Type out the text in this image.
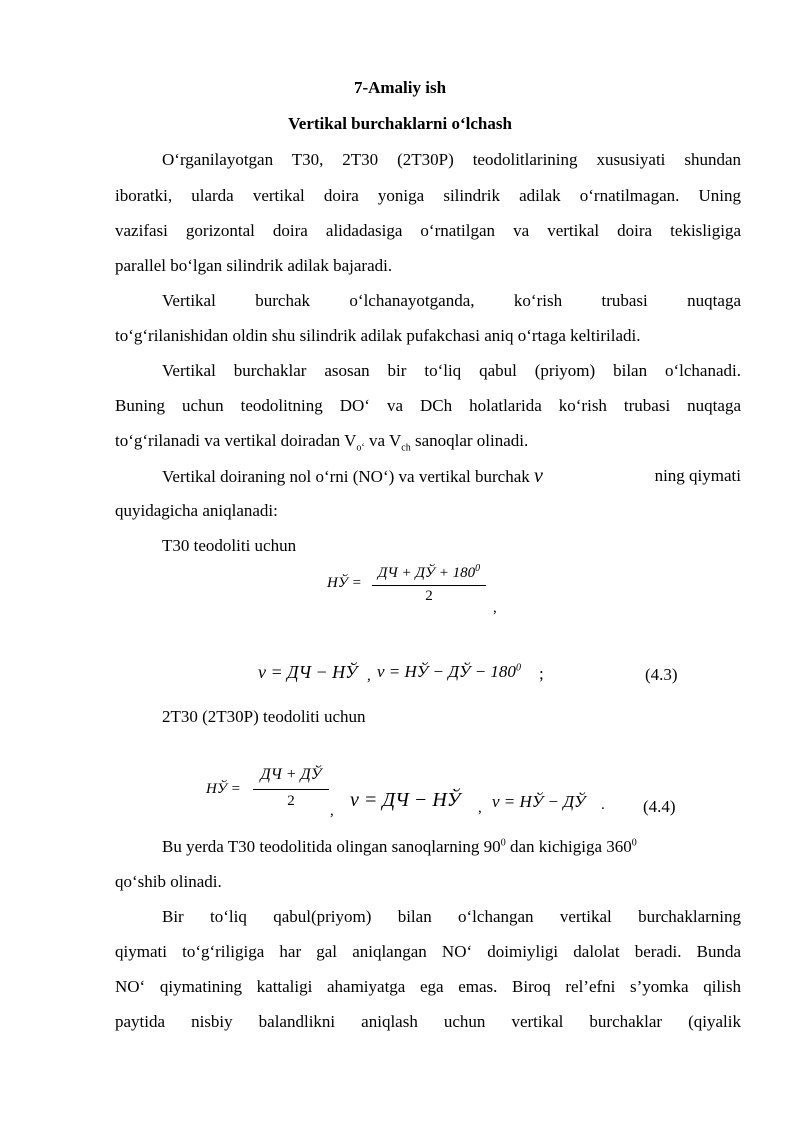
7-Amaliy ish
Vertikal burchaklarni o‘lchash
O‘rganilayotgan T30, 2T30 (2T30P) teodolitlarining xususiyati shundan
iboratki, ularda vertikal doira yoniga silindrik adilak o‘rnatilmagan. Uning
vazifasi gorizontal doira alidadasiga o‘rnatilgan va vertikal doira tekisligiga
parallel bo‘lgan silindrik adilak bajaradi.
Vertikal burchak o‘lchanayotganda, ko‘rish trubasi nuqtaga
to‘g‘rilanishidan oldin shu silindrik adilak pufakchasi aniq o‘rtaga keltiriladi.
Vertikal burchaklar asosan bir to‘liq qabul (priyom) bilan o‘lchanadi.
Buning uchun teodolitning DO‘ va DCh holatlarida ko‘rish trubasi nuqtaga
to‘g‘rilanadi va vertikal doiradan $V_{o‘}$ va $V_{ch}$ sanoqlar olinadi.
Vertikal doiraning nol o‘rni (NO‘) va vertikal burchak ν	ning qiymati
quyidagicha aniqlanadi:
T30 teodoliti uchun
НЎ =
ДЧ + ДЎ + $180^0$
2
,
ν = ДЧ − НЎ , ν = НЎ − ДЎ − $180^0$ ;	(4.3)
2T30 (2T30P) teodoliti uchun
НЎ =
ДЧ + ДЎ
2
, ν = ДЧ − НЎ , ν = НЎ − ДЎ . (4.4)
Bu yerda T30 teodolitida olingan sanoqlarning $90^0$ dan kichigiga $360^0$
qo‘shib olinadi.
Bir to‘liq qabul(priyom) bilan o‘lchangan vertikal burchaklarning
qiymati to‘g‘riligiga har gal aniqlangan NO‘ doimiyligi dalolat beradi. Bunda
NO‘ qiymatining kattaligi ahamiyatga ega emas. Biroq rel’efni s’yomka qilish
paytida nisbiy balandlikni aniqlash uchun vertikal burchaklar (qiyalik
